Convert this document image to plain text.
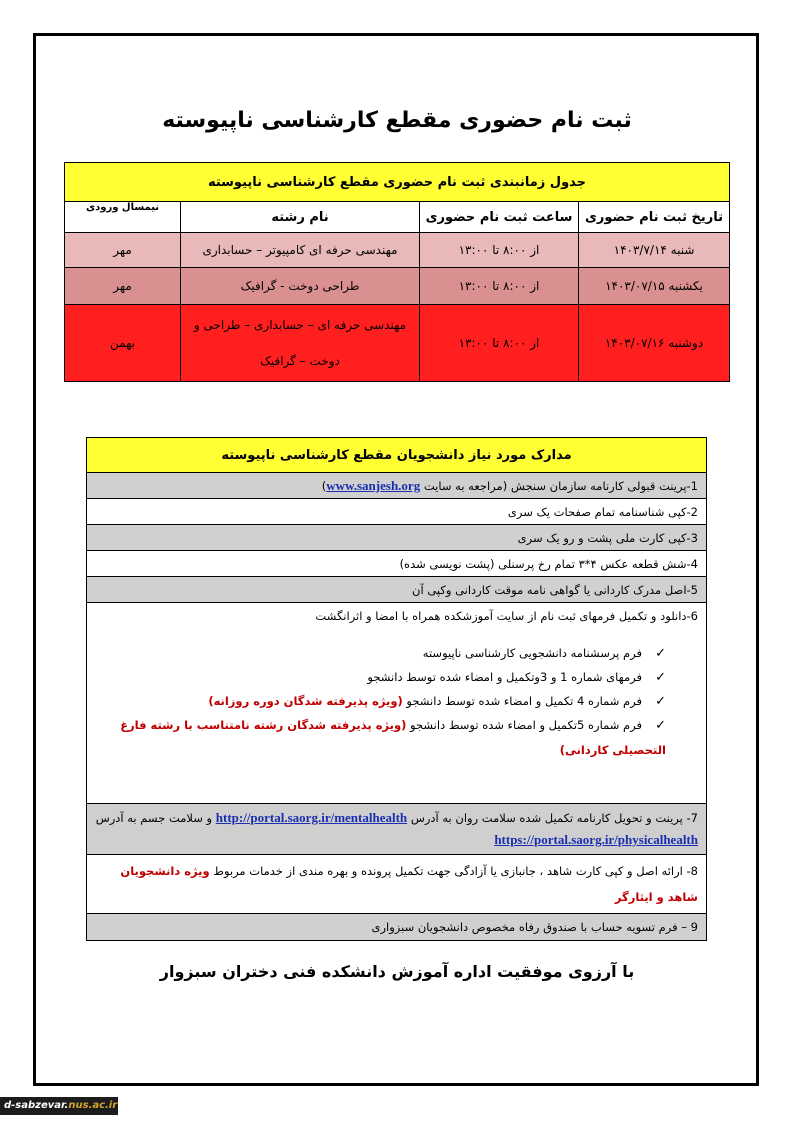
ثبت نام حضوری مقطع کارشناسی ناپیوسته
جدول زمانبندی ثبت نام حضوری مقطع کارشناسی ناپیوسته			
تاریخ ثبت نام حضوری	ساعت ثبت نام حضوری	نام رشته	نیمسال ورودی
شنبه ۱۴۰۳/۷/۱۴	از ۸:۰۰ تا ۱۳:۰۰	مهندسی حرفه ای کامپیوتر – حسابداری	مهر
یکشنبه ۱۴۰۳/۰۷/۱۵	از ۸:۰۰ تا ۱۳:۰۰	طراحی دوخت - گرافیک	مهر
دوشنبه ۱۴۰۳/۰۷/۱۶	از ۸:۰۰ تا ۱۳:۰۰	مهندسی حرفه ای – حسابداری – طراحی و دوخت – گرافیک	بهمن
مدارک مورد نیاز دانشجویان مقطع کارشناسی ناپیوسته
1-پرینت قبولی کارنامه سازمان سنجش (مراجعه به سایت www.sanjesh.org)
2-کپی شناسنامه تمام صفحات یک سری
3-کپی کارت ملی پشت و رو یک سری
4-شش قطعه عکس ۴*۳ تمام رخ پرسنلی (پشت نویسی شده)
5-اصل مدرک کاردانی یا گواهی نامه موقت کاردانی وکپی آن

6-دانلود و تکمیل فرمهای ثبت نام از سایت آموزشکده همراه با امضا و اثرانگشت
✓فرم پرسشنامه دانشجویی کارشناسی ناپیوسته
✓فرمهای شماره 1 و 3وتکمیل و امضاء شده توسط دانشجو
✓فرم شماره 4 تکمیل و امضاء شده توسط دانشجو (ویژه پذیرفته شدگان دوره روزانه)
✓فرم شماره 5تکمیل و امضاء شده توسط دانشجو (ویژه پذیرفته شدگان رشته نامتناسب با رشته فارغ التحصیلی کاردانی)

7- پرینت و تحویل کارنامه تکمیل شده سلامت روان به آدرس http://portal.saorg.ir/mentalhealth و سلامت جسم به آدرس https://portal.saorg.ir/physicalhealth
8- ارائه اصل و کپی کارت شاهد ، جانبازی یا آزادگی جهت تکمیل پرونده و بهره مندی از خدمات مربوط ویژه دانشجویان شاهد و ایثارگر
9 – فرم تسویه حساب با صندوق رفاه مخصوص دانشجویان سبزواری
با آرزوی موفقیت اداره آموزش دانشکده فنی دختران سبزوار
d-sabzevar.nus.ac.ir
